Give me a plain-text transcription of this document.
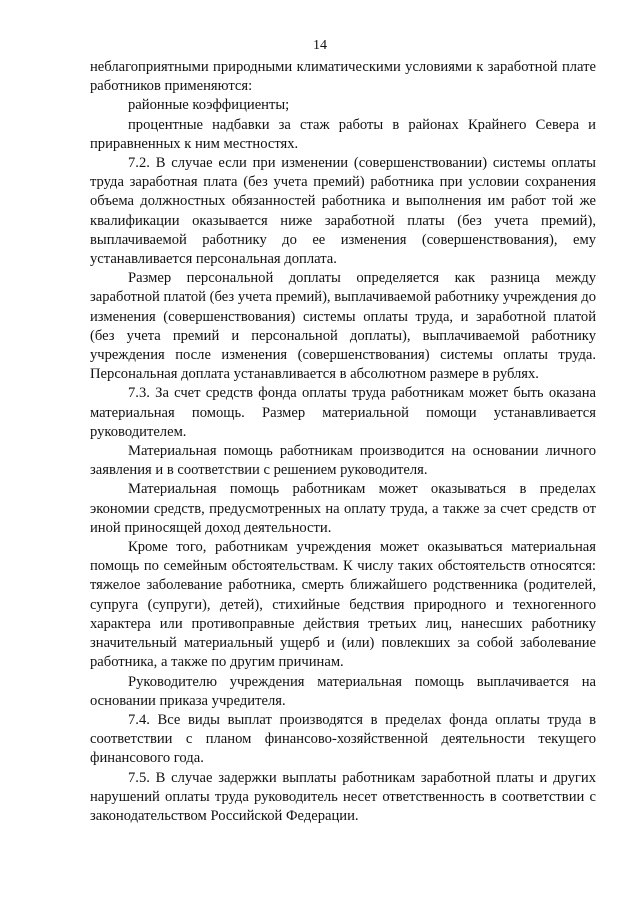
14

неблагоприятными природными климатическими условиями к заработной плате работников применяются:

районные коэффициенты;

процентные надбавки за стаж работы в районах Крайнего Севера и приравненных к ним местностях.

7.2. В случае если при изменении (совершенствовании) системы оплаты труда заработная плата (без учета премий) работника при условии сохранения объема должностных обязанностей работника и выполнения им работ той же квалификации оказывается ниже заработной платы (без учета премий), выплачиваемой работнику до ее изменения (совершенствования), ему устанавливается персональная доплата.

Размер персональной доплаты определяется как разница между заработной платой (без учета премий), выплачиваемой работнику учреждения до изменения (совершенствования) системы оплаты труда, и заработной платой (без учета премий и персональной доплаты), выплачиваемой работнику учреждения после изменения (совершенствования) системы оплаты труда. Персональная доплата устанавливается в абсолютном размере в рублях.

7.3. За счет средств фонда оплаты труда работникам может быть оказана материальная помощь. Размер материальной помощи устанавливается руководителем.

Материальная помощь работникам производится на основании личного заявления и в соответствии с решением руководителя.

Материальная помощь работникам может оказываться в пределах экономии средств, предусмотренных на оплату труда, а также за счет средств от иной приносящей доход деятельности.

Кроме того, работникам учреждения может оказываться материальная помощь по семейным обстоятельствам. К числу таких обстоятельств относятся: тяжелое заболевание работника, смерть ближайшего родственника (родителей, супруга (супруги), детей), стихийные бедствия природного и техногенного характера или противоправные действия третьих лиц, нанесших работнику значительный материальный ущерб и (или) повлекших за собой заболевание работника, а также по другим причинам.

Руководителю учреждения материальная помощь выплачивается на основании приказа учредителя.

7.4. Все виды выплат производятся в пределах фонда оплаты труда в соответствии с планом финансово-хозяйственной деятельности текущего финансового года.

7.5. В случае задержки выплаты работникам заработной платы и других нарушений оплаты труда руководитель несет ответственность в соответствии с законодательством Российской Федерации.
